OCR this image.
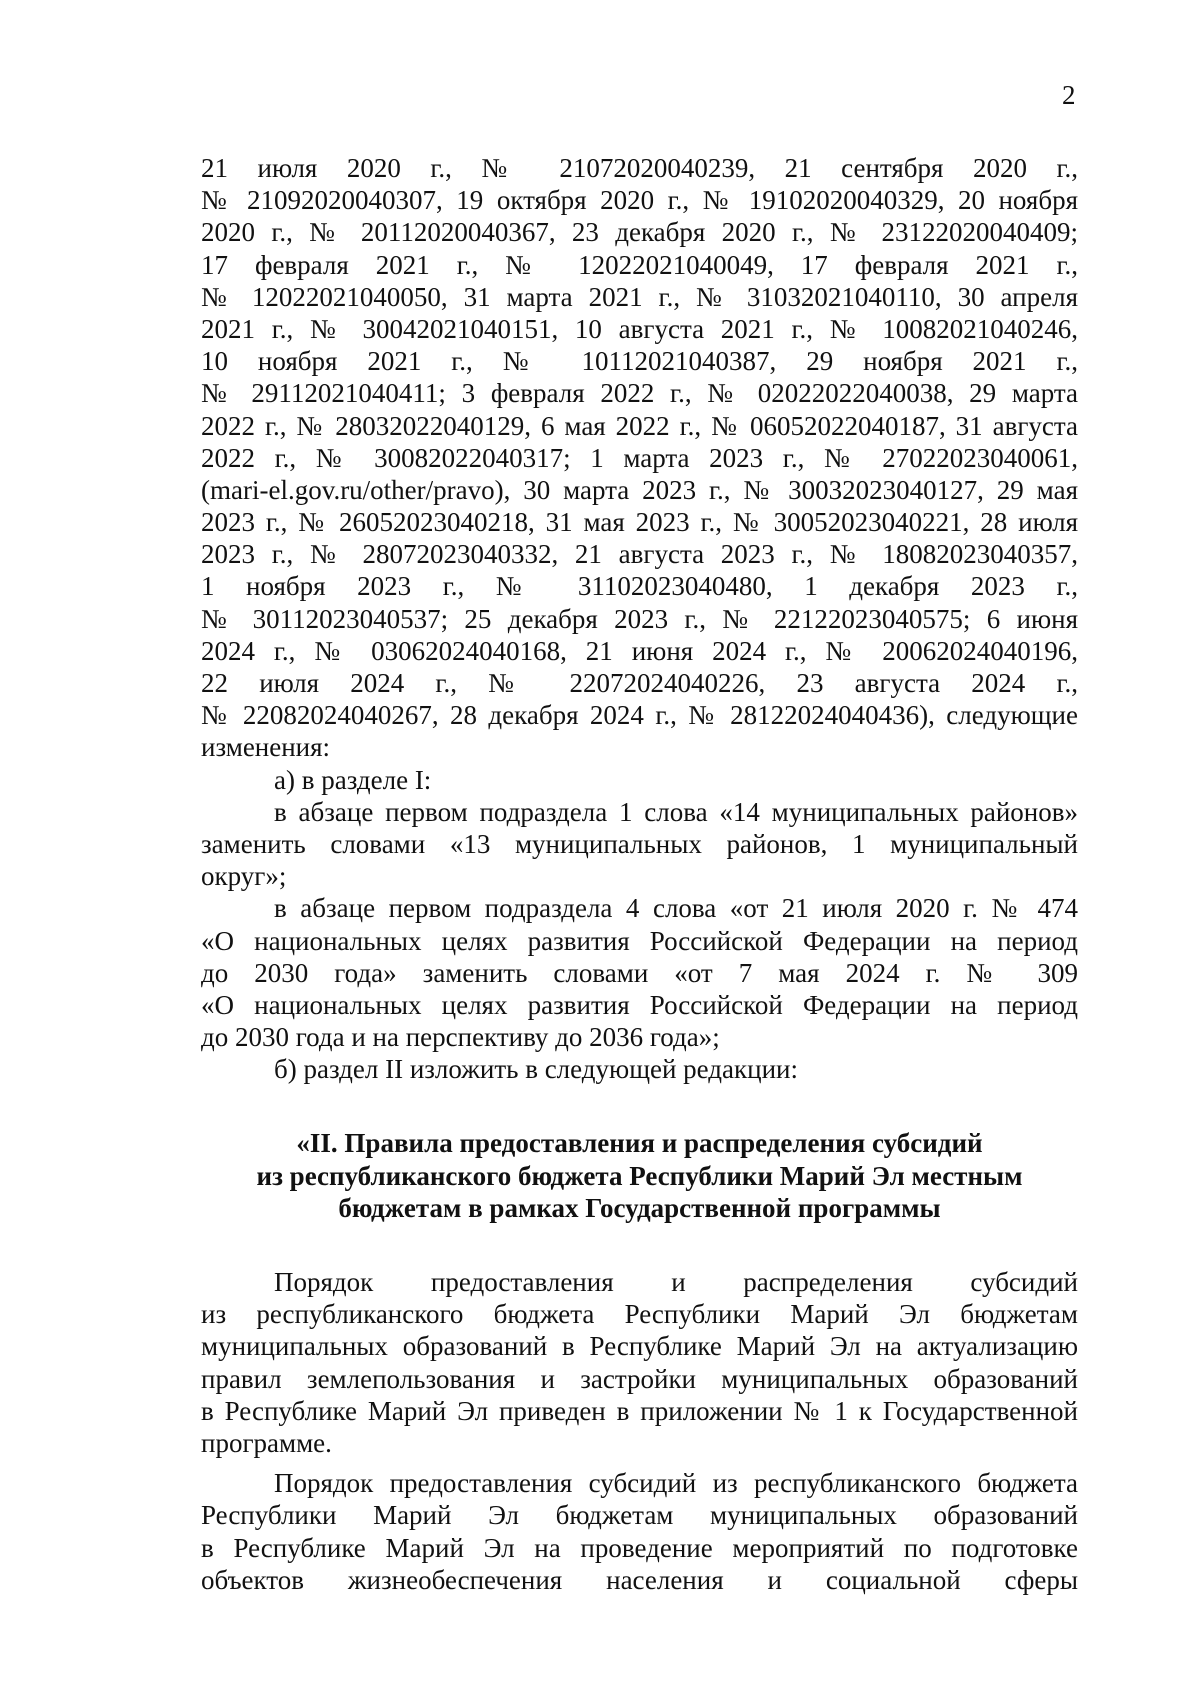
2
21 июля 2020 г., № 21072020040239, 21 сентября 2020 г.,
№ 21092020040307, 19 октября 2020 г., № 19102020040329, 20 ноября
2020 г., № 20112020040367, 23 декабря 2020 г., № 23122020040409;
17 февраля 2021 г., № 12022021040049, 17 февраля 2021 г.,
№ 12022021040050, 31 марта 2021 г., № 31032021040110, 30 апреля
2021 г., № 30042021040151, 10 августа 2021 г., № 10082021040246,
10 ноября 2021 г., № 10112021040387, 29 ноября 2021 г.,
№ 29112021040411; 3 февраля 2022 г., № 02022022040038, 29 марта
2022 г., № 28032022040129, 6 мая 2022 г., № 06052022040187, 31 августа
2022 г., № 30082022040317; 1 марта 2023 г., № 27022023040061,
(mari-el.gov.ru/other/pravo), 30 марта 2023 г., № 30032023040127, 29 мая
2023 г., № 26052023040218, 31 мая 2023 г., № 30052023040221, 28 июля
2023 г., № 28072023040332, 21 августа 2023 г., № 18082023040357,
1 ноября 2023 г., № 31102023040480, 1 декабря 2023 г.,
№ 30112023040537; 25 декабря 2023 г., № 22122023040575; 6 июня
2024 г., № 03062024040168, 21 июня 2024 г., № 20062024040196,
22 июля 2024 г., № 22072024040226, 23 августа 2024 г.,
№ 22082024040267, 28 декабря 2024 г., № 28122024040436), следующие
изменения:
а) в разделе I:
в абзаце первом подраздела 1 слова «14 муниципальных районов»
заменить словами «13 муниципальных районов, 1 муниципальный
округ»;
в абзаце первом подраздела 4 слова «от 21 июля 2020 г. № 474
«О национальных целях развития Российской Федерации на период
до 2030 года» заменить словами «от 7 мая 2024 г. № 309
«О национальных целях развития Российской Федерации на период
до 2030 года и на перспективу до 2036 года»;
б) раздел II изложить в следующей редакции:
«II. Правила предоставления и распределения субсидий
из республиканского бюджета Республики Марий Эл местным
бюджетам в рамках Государственной программы
Порядок предоставления и распределения субсидий
из республиканского бюджета Республики Марий Эл бюджетам
муниципальных образований в Республике Марий Эл на актуализацию
правил землепользования и застройки муниципальных образований
в Республике Марий Эл приведен в приложении № 1 к Государственной
программе.
Порядок предоставления субсидий из республиканского бюджета
Республики Марий Эл бюджетам муниципальных образований
в Республике Марий Эл на проведение мероприятий по подготовке
объектов жизнеобеспечения населения и социальной сферы
